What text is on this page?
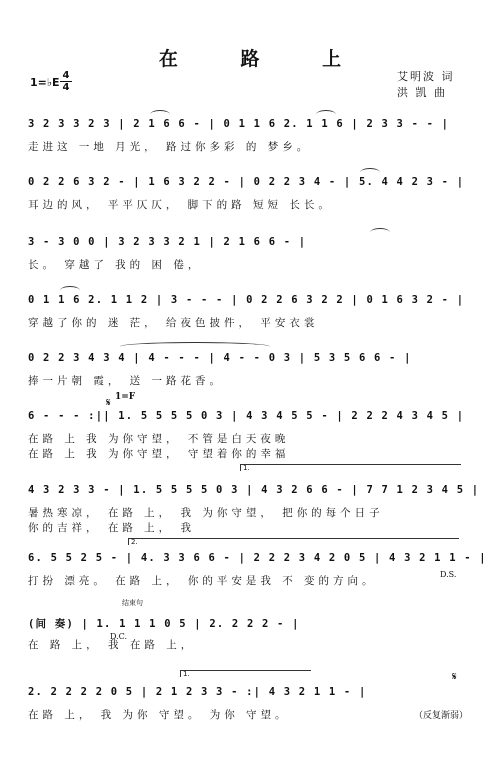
在 路 上
艾明波 词
洪 凯 曲
1=♭E
4
4
3 2 3 3 2 3 | 2 1 6 6 - | 0 1 1 6 2. 1 1 6 | 2 3 3 - - |
走进这 一地 月光， 路过你多彩 的 梦乡。
0 2 2 6 3 2 - | 1 6 3 2 2 - | 0 2 2 3 4 - | 5. 4 4 2 3 - |
耳边的风， 平平仄仄， 脚下的路 短短 长长。
3 - 3 0 0 | 3 2 3 3 2 1 | 2 1 6 6 - |
长。 穿越了 我的 困 倦，
0 1 1 6 2. 1 1 2 | 3 - - - | 0 2 2 6 3 2 2 | 0 1 6 3 2 - |
穿越了你的 迷 茫， 给夜色披件， 平安衣裳
0 2 2 3 4 3 4 | 4 - - - | 4 - - 0 3 | 5 3 5 6 6 - |
捧一片朝 霞， 送 一路花香。
1=F
𝄋
6 - - - :|| 1. 5 5 5 5 0 3 | 4 3 4 5 5 - | 2 2 2 4 3 4 5 |
在路 上 我 为你守望， 不管是白天夜晚
在路 上 我 为你守望， 守望着你的幸福
1.
4 3 2 3 3 - | 1. 5 5 5 5 0 3 | 4 3 2 6 6 - | 7 7 1 2 3 4 5 |
暑热寒凉， 在路 上， 我 为你守望， 把你的每个日子
你的吉祥， 在路 上， 我
2.
6. 5 5 2 5 - | 4. 3 3 6 6 - | 2 2 2 3 4 2 0 5 | 4 3 2 1 1 - |
打扮 漂亮。 在路 上， 你的平安是我 不 变的方向。
D.S.
结束句
(间 奏) | 1. 1 1 1 0 5 | 2. 2 2 2 - |
在 路 上， 我 在路 上，
D.C.
1.
2. 2 2 2 2 0 5 | 2 1 2 3 3 - :| 4 3 2 1 1 - |
在路 上， 我 为你 守望。 为你 守望。
𝄋
（反复渐弱）
